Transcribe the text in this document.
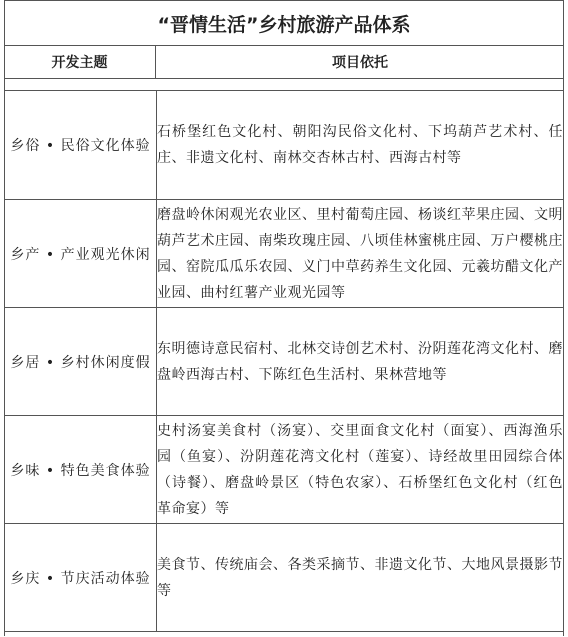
“晋情生活”乡村旅游产品体系
开发主题	项目依托
乡俗 • 民俗文化体验	石桥堡红色文化村、朝阳沟民俗文化村、下坞葫芦艺术村、任庄、非遗文化村、南林交杏林古村、西海古村等
乡产 • 产业观光休闲	磨盘岭休闲观光农业区、里村葡萄庄园、杨谈红苹果庄园、文明葫芦艺术庄园、南柴玫瑰庄园、八顷佳林蜜桃庄园、万户樱桃庄园、窑院瓜瓜乐农园、义门中草药养生文化园、元羲坊醋文化产业园、曲村红薯产业观光园等
乡居 • 乡村休闲度假	东明德诗意民宿村、北林交诗创艺术村、汾阴莲花湾文化村、磨盘岭西海古村、下陈红色生活村、果林营地等
乡味 • 特色美食体验	史村汤宴美食村（汤宴）、交里面食文化村（面宴）、西海渔乐园（鱼宴）、汾阴莲花湾文化村（莲宴）、诗经故里田园综合体（诗餐）、磨盘岭景区（特色农家）、石桥堡红色文化村（红色革命宴）等
乡庆 • 节庆活动体验	美食节、传统庙会、各类采摘节、非遗文化节、大地风景摄影节等
